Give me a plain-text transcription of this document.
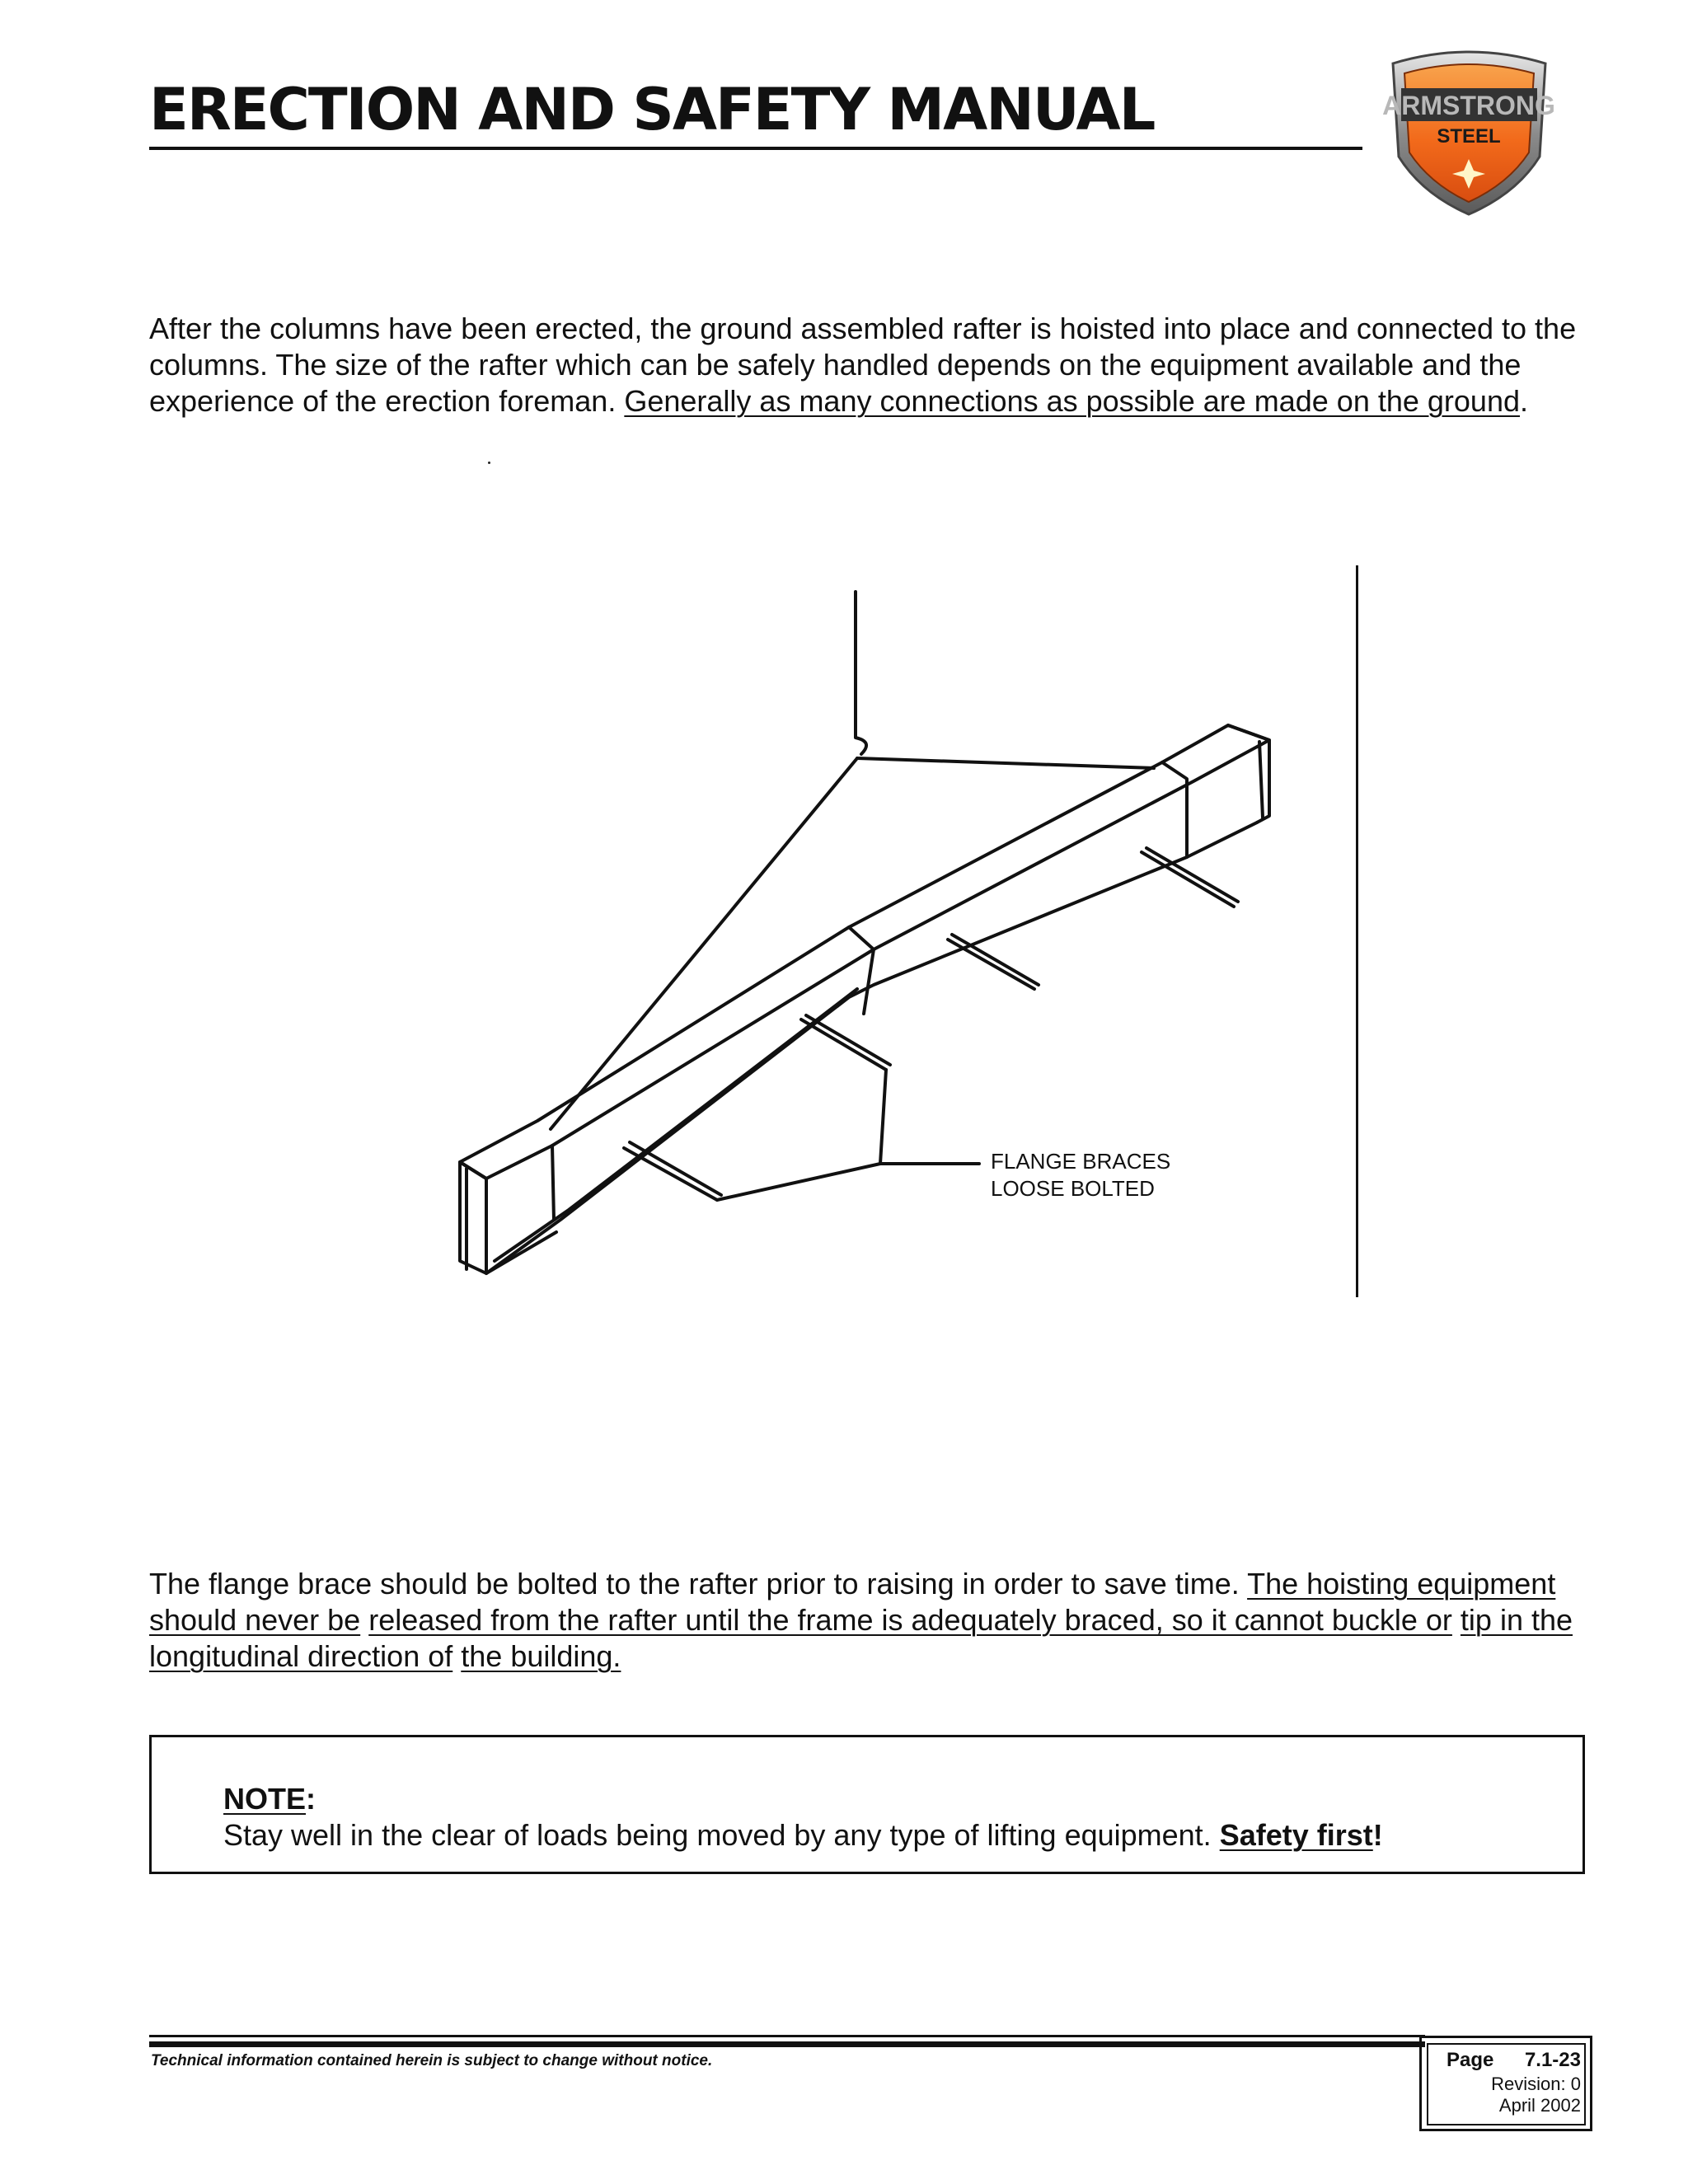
ERECTION AND SAFETY MANUAL	ARMSTRONG
STEEL

After the columns have been erected, the ground assembled rafter is hoisted into place and connected to the columns. The size of the rafter which can be safely handled depends on the equipment available and the experience of the erection foreman. Generally as many connections as possible are made on the ground.

FLANGE BRACES
LOOSE BOLTED

The flange brace should be bolted to the rafter prior to raising in order to save time. The hoisting equipment should never be released from the rafter until the frame is adequately braced, so it cannot buckle or tip in the longitudinal direction of the building.

NOTE:

Stay well in the clear of loads being moved by any type of lifting equipment. Safety first!

Technical information contained herein is subject to change without notice.	Page 7.1-23
Revision: 0
April 2002
